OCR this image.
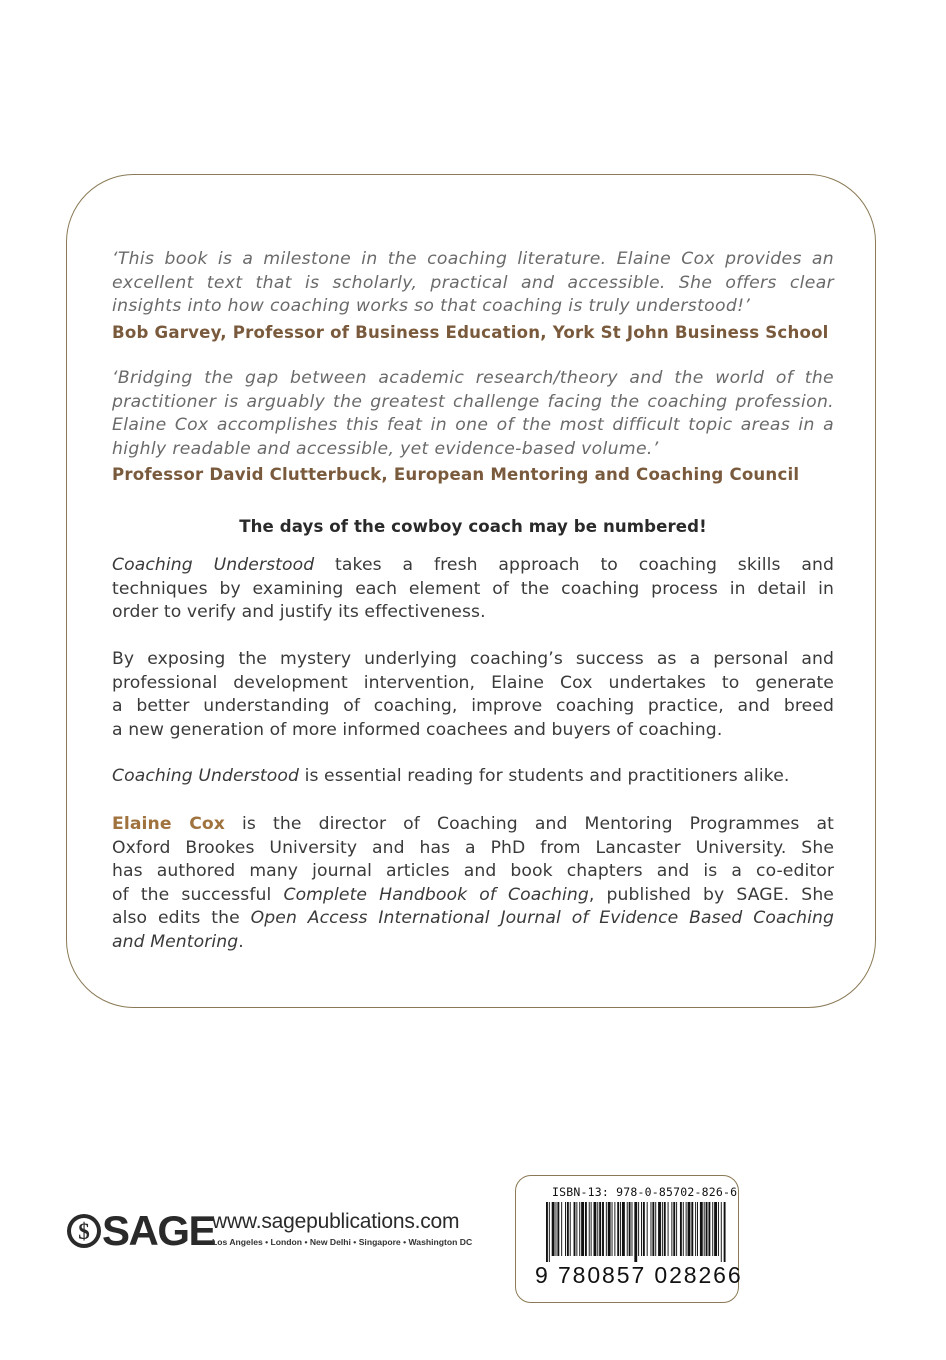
‘This book is a milestone in the coaching literature. Elaine Cox provides an
excellent text that is scholarly, practical and accessible. She offers clear
insights into how coaching works so that coaching is truly understood!’
Bob Garvey, Professor of Business Education, York St John Business School
‘Bridging the gap between academic research/theory and the world of the
practitioner is arguably the greatest challenge facing the coaching profession.
Elaine Cox accomplishes this feat in one of the most difficult topic areas in a
highly readable and accessible, yet evidence-based volume.’
Professor David Clutterbuck, European Mentoring and Coaching Council
The days of the cowboy coach may be numbered!
Coaching Understood takes a fresh approach to coaching skills and
techniques by examining each element of the coaching process in detail in
order to verify and justify its effectiveness.
By exposing the mystery underlying coaching’s success as a personal and
professional development intervention, Elaine Cox undertakes to generate
a better understanding of coaching, improve coaching practice, and breed
a new generation of more informed coachees and buyers of coaching.
Coaching Understood is essential reading for students and practitioners alike.
Elaine Cox is the director of Coaching and Mentoring Programmes at
Oxford Brookes University and has a PhD from Lancaster University. She
has authored many journal articles and book chapters and is a co-editor
of the successful Complete Handbook of Coaching, published by SAGE. She
also edits the Open Access International Journal of Evidence Based Coaching
and Mentoring.
$ SAGE
www.sagepublications.com
Los Angeles • London • New Delhi • Singapore • Washington DC
ISBN-13: 978-0-85702-826-6
9 780857 028266
